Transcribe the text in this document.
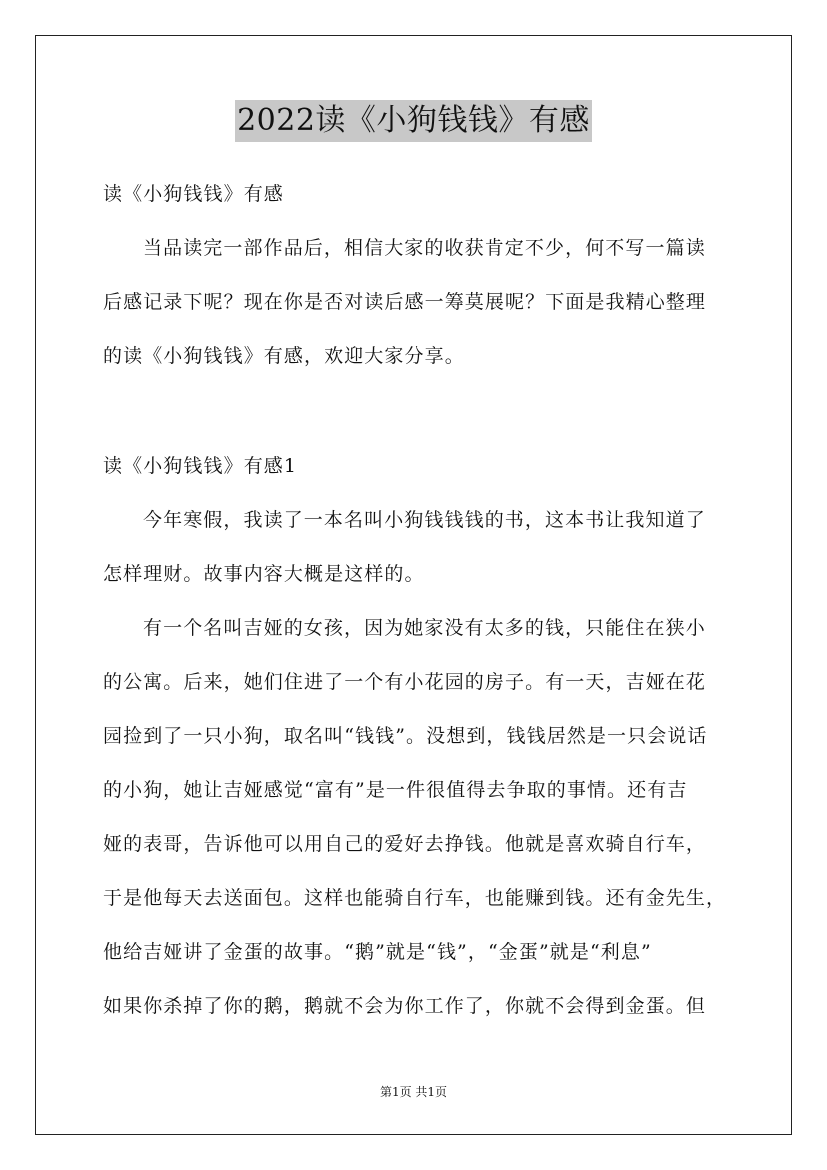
2022读《小狗钱钱》有感
读《小狗钱钱》有感
当品读完一部作品后，相信大家的收获肯定不少，何不写一篇读
后感记录下呢？现在你是否对读后感一筹莫展呢？下面是我精心整理
的读《小狗钱钱》有感，欢迎大家分享。
读《小狗钱钱》有感1
今年寒假，我读了一本名叫小狗钱钱钱的书，这本书让我知道了
怎样理财。故事内容大概是这样的。
有一个名叫吉娅的女孩，因为她家没有太多的钱，只能住在狭小
的公寓。后来，她们住进了一个有小花园的房子。有一天，吉娅在花
园捡到了一只小狗，取名叫“钱钱”。没想到，钱钱居然是一只会说话
的小狗，她让吉娅感觉“富有”是一件很值得去争取的事情。还有吉
娅的表哥，告诉他可以用自己的爱好去挣钱。他就是喜欢骑自行车，
于是他每天去送面包。这样也能骑自行车，也能赚到钱。还有金先生，
他给吉娅讲了金蛋的故事。“鹅”就是“钱”，“金蛋”就是“利息”
如果你杀掉了你的鹅，鹅就不会为你工作了，你就不会得到金蛋。但
第1页 共1页
